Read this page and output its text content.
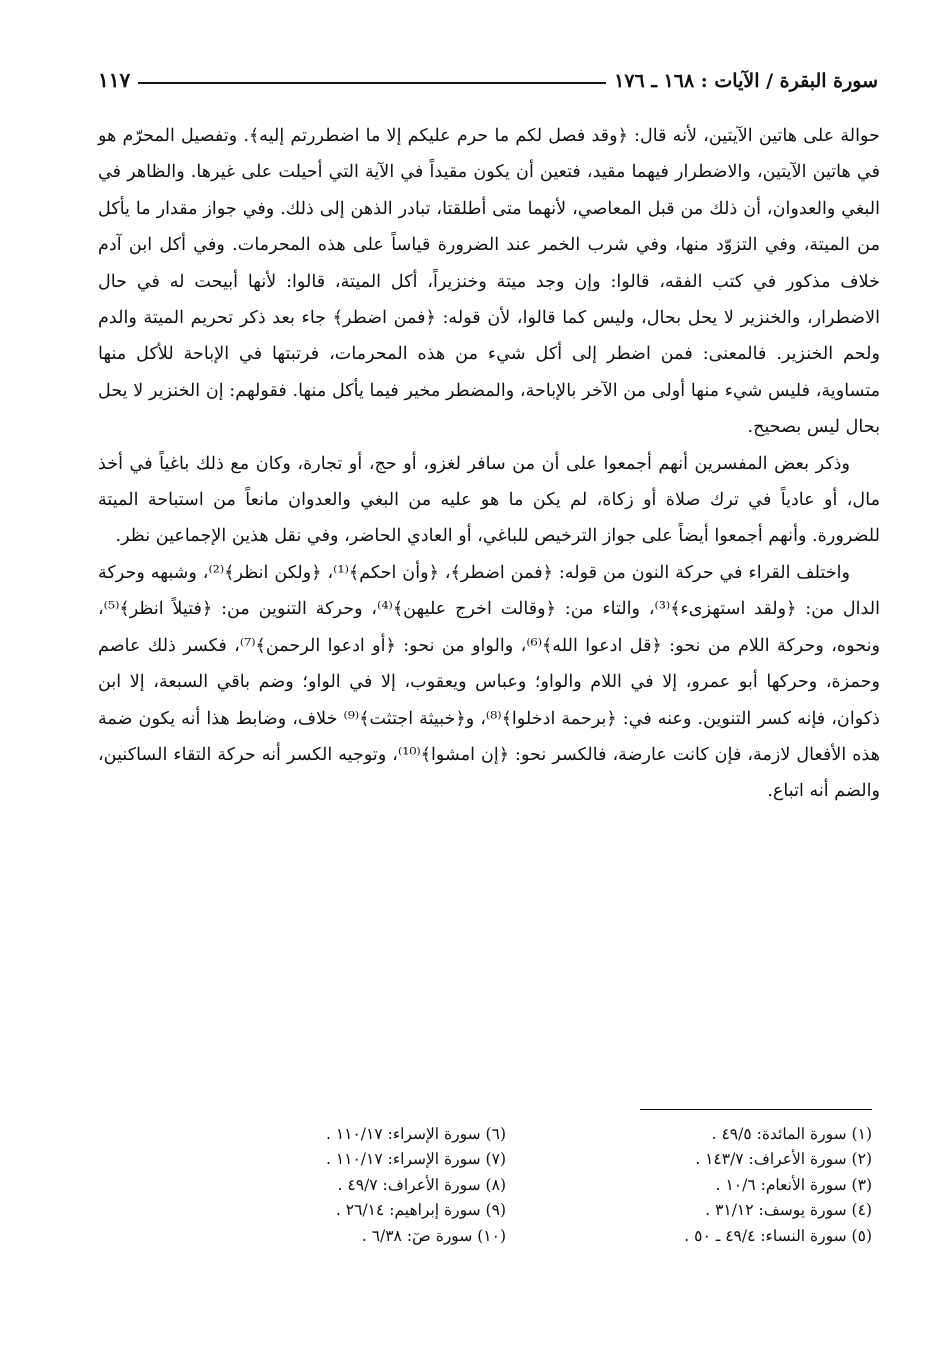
سورة البقرة / الآيات : ١٦٨ ـ ١٧٦
١١٧

حوالة على هاتين الآيتين، لأنه قال: ﴿وقد فصل لكم ما حرم عليكم إلا ما اضطررتم إليه﴾. وتفصيل المحرّم هو في هاتين الآيتين، والاضطرار فيهما مقيد، فتعين أن يكون مقيداً في الآية التي أحيلت على غيرها. والظاهر في البغي والعدوان، أن ذلك من قبل المعاصي، لأنهما متى أطلقتا، تبادر الذهن إلى ذلك. وفي جواز مقدار ما يأكل من الميتة، وفي التزوّد منها، وفي شرب الخمر عند الضرورة قياساً على هذه المحرمات. وفي أكل ابن آدم خلاف مذكور في كتب الفقه، قالوا: وإن وجد ميتة وخنزيراً، أكل الميتة، قالوا: لأنها أبيحت له في حال الاضطرار، والخنزير لا يحل بحال، وليس كما قالوا، لأن قوله: ﴿فمن اضطر﴾ جاء بعد ذكر تحريم الميتة والدم ولحم الخنزير. فالمعنى: فمن اضطر إلى أكل شيء من هذه المحرمات، فرتبتها في الإباحة للأكل منها متساوية، فليس شيء منها أولى من الآخر بالإباحة، والمضطر مخير فيما يأكل منها. فقولهم: إن الخنزير لا يحل بحال ليس بصحيح.

وذكر بعض المفسرين أنهم أجمعوا على أن من سافر لغزو، أو حج، أو تجارة، وكان مع ذلك باغياً في أخذ مال، أو عادياً في ترك صلاة أو زكاة، لم يكن ما هو عليه من البغي والعدوان مانعاً من استباحة الميتة للضرورة. وأنهم أجمعوا أيضاً على جواز الترخيص للباغي، أو العادي الحاضر، وفي نقل هذين الإجماعين نظر.

واختلف القراء في حركة النون من قوله: ﴿فمن اضطر﴾، ﴿وأن احكم﴾⁽¹⁾، ﴿ولكن انظر﴾⁽²⁾، وشبهه وحركة الدال من: ﴿ولقد استهزىء﴾⁽³⁾، والتاء من: ﴿وقالت اخرج عليهن﴾⁽⁴⁾، وحركة التنوين من: ﴿فتيلاً انظر﴾⁽⁵⁾، ونحوه، وحركة اللام من نحو: ﴿قل ادعوا الله﴾⁽⁶⁾، والواو من نحو: ﴿أو ادعوا الرحمن﴾⁽⁷⁾، فكسر ذلك عاصم وحمزة، وحركها أبو عمرو، إلا في اللام والواو؛ وعباس ويعقوب، إلا في الواو؛ وضم باقي السبعة، إلا ابن ذكوان، فإنه كسر التنوين. وعنه في: ﴿برحمة ادخلوا﴾⁽⁸⁾، و﴿خبيثة اجتثت﴾⁽⁹⁾ خلاف، وضابط هذا أنه يكون ضمة هذه الأفعال لازمة، فإن كانت عارضة، فالكسر نحو: ﴿إن امشوا﴾⁽¹⁰⁾، وتوجيه الكسر أنه حركة التقاء الساكنين، والضم أنه اتباع.

(١) سورة المائدة: ٤٩/٥ .
(٢) سورة الأعراف: ١٤٣/٧ .
(٣) سورة الأنعام: ١٠/٦ .
(٤) سورة يوسف: ٣١/١٢ .
(٥) سورة النساء: ٤٩/٤ ـ ٥٠ .
(٦) سورة الإسراء: ١١٠/١٧ .
(٧) سورة الإسراء: ١١٠/١٧ .
(٨) سورة الأعراف: ٤٩/٧ .
(٩) سورة إبراهيم: ٢٦/١٤ .
(١٠) سورة صٓ: ٦/٣٨ .
